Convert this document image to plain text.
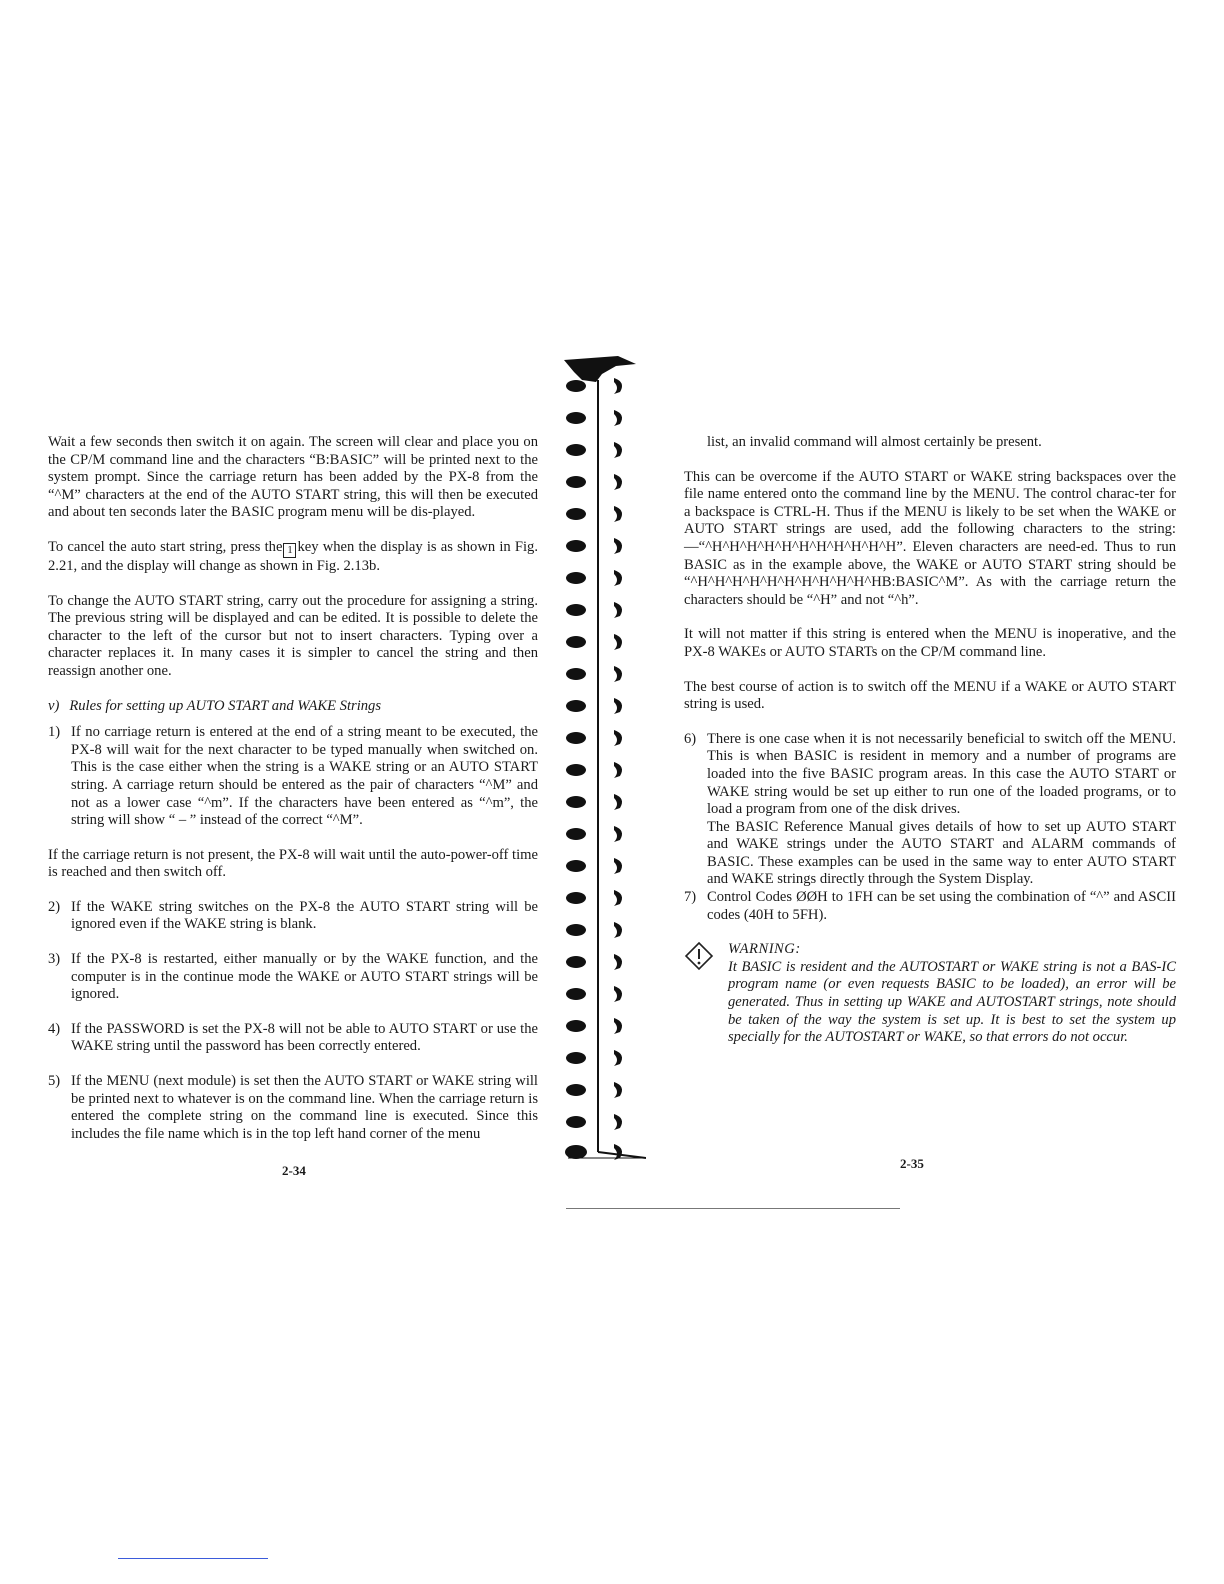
Wait a few seconds then switch it on again. The screen will clear and place you on the CP/M command line and the characters “B:BASIC” will be printed next to the system prompt. Since the carriage return has been added by the PX-8 from the “^M” characters at the end of the AUTO START string, this will then be executed and about ten seconds later the BASIC program menu will be dis-played.

To cancel the auto start string, press the 1 key when the display is as shown in Fig. 2.21, and the display will change as shown in Fig. 2.13b.

To change the AUTO START string, carry out the procedure for assigning a string. The previous string will be displayed and can be edited. It is possible to delete the character to the left of the cursor but not to insert characters. Typing over a character replaces it. In many cases it is simpler to cancel the string and then reassign another one.

v) Rules for setting up AUTO START and WAKE Strings

1) If no carriage return is entered at the end of a string meant to be executed, the PX-8 will wait for the next character to be typed manually when switched on. This is the case either when the string is a WAKE string or an AUTO START string. A carriage return should be entered as the pair of characters “^M” and not as a lower case “^m”. If the characters have been entered as “^m”, the string will show “ – ” instead of the correct “^M”.

If the carriage return is not present, the PX-8 will wait until the auto-power-off time is reached and then switch off.

2) If the WAKE string switches on the PX-8 the AUTO START string will be ignored even if the WAKE string is blank.
3) If the PX-8 is restarted, either manually or by the WAKE function, and the computer is in the continue mode the WAKE or AUTO START strings will be ignored.
4) If the PASSWORD is set the PX-8 will not be able to AUTO START or use the WAKE string until the password has been correctly entered.
5) If the MENU (next module) is set then the AUTO START or WAKE string will be printed next to whatever is on the command line. When the carriage return is entered the complete string on the command line is executed. Since this includes the file name which is in the top left hand corner of the menu
2-34

list, an invalid command will almost certainly be present.

This can be overcome if the AUTO START or WAKE string backspaces over the file name entered onto the command line by the MENU. The control charac-ter for a backspace is CTRL-H. Thus if the MENU is likely to be set when the WAKE or AUTO START strings are used, add the following characters to the string:—“^H^H^H^H^H^H^H^H^H^H^H”. Eleven characters are need-ed. Thus to run BASIC as in the example above, the WAKE or AUTO START string should be “^H^H^H^H^H^H^H^H^H^H^HB:BASIC^M”. As with the carriage return the characters should be “^H” and not “^h”.

It will not matter if this string is entered when the MENU is inoperative, and the PX-8 WAKEs or AUTO STARTs on the CP/M command line.

The best course of action is to switch off the MENU if a WAKE or AUTO START string is used.

6) There is one case when it is not necessarily beneficial to switch off the MENU. This is when BASIC is resident in memory and a number of programs are loaded into the five BASIC program areas. In this case the AUTO START or WAKE string would be set up either to run one of the loaded programs, or to load a program from one of the disk drives.
The BASIC Reference Manual gives details of how to set up AUTO START and WAKE strings under the AUTO START and ALARM commands of BASIC. These examples can be used in the same way to enter AUTO START and WAKE strings directly through the System Display.
7) Control Codes ØØH to 1FH can be set using the combination of “^” and ASCII codes (40H to 5FH).
WARNING:
It BASIC is resident and the AUTOSTART or WAKE string is not a BAS-IC program name (or even requests BASIC to be loaded), an error will be generated. Thus in setting up WAKE and AUTOSTART strings, note should be taken of the way the system is set up. It is best to set the system up specially for the AUTOSTART or WAKE, so that errors do not occur.
2-35
